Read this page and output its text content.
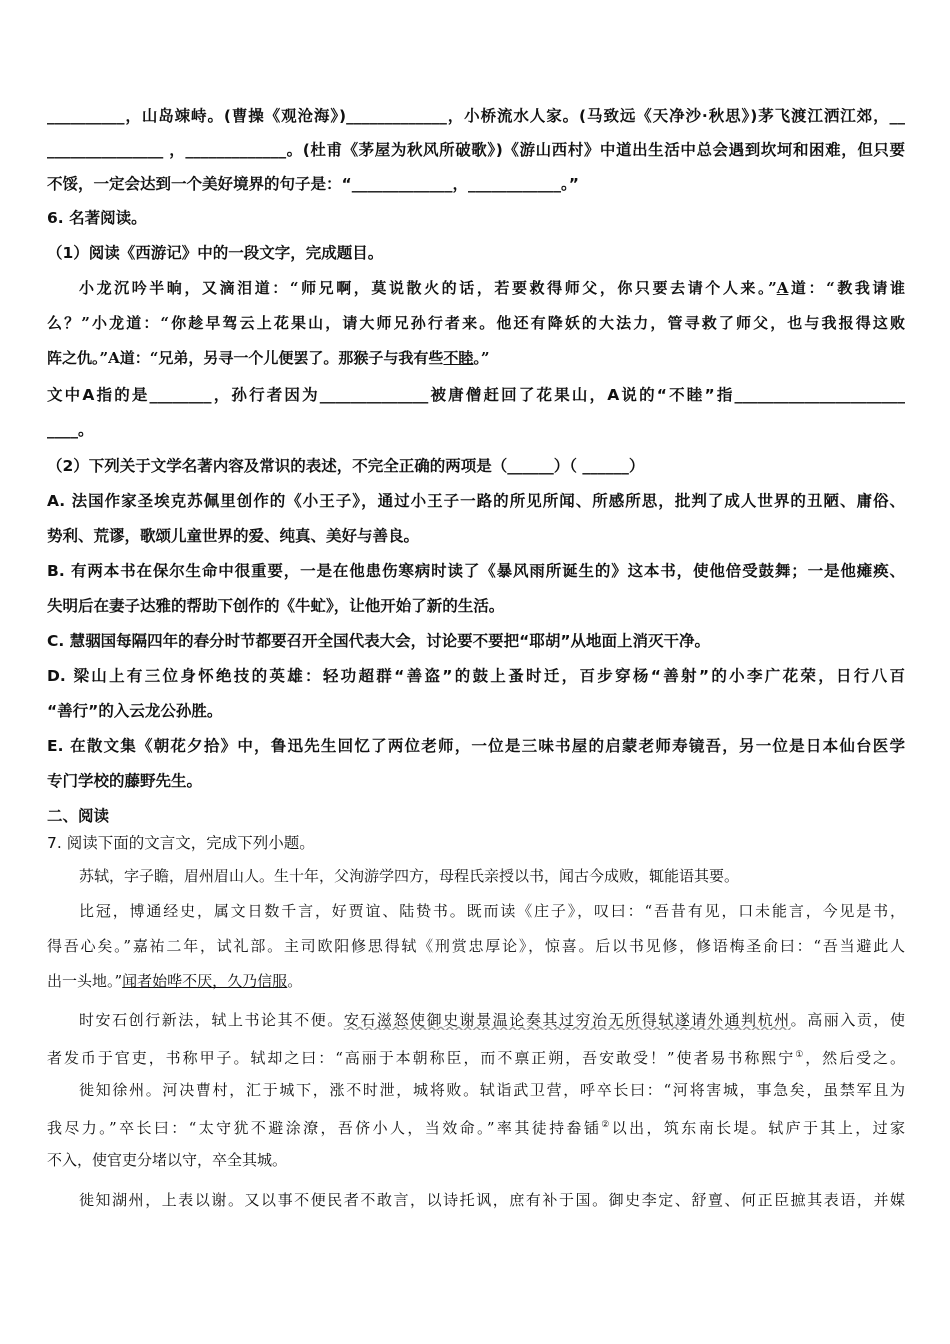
__________，山岛竦峙。(曹操《观沧海》)_____________，小桥流水人家。(马致远《天净沙·秋思》)茅飞渡江洒江郊，__
_______________ ，_____________。(杜甫《茅屋为秋风所破歌》)《游山西村》中道出生活中总会遇到坎坷和困难，但只要
不馁，一定会达到一个美好境界的句子是：“_____________，____________。”
6. 名著阅读。
（1）阅读《西游记》中的一段文字，完成题目。
小龙沉吟半晌，又滴泪道：“师兄啊，莫说散火的话，若要救得师父，你只要去请个人来。”A道：“教我请谁
么？”小龙道：“你趁早驾云上花果山，请大师兄孙行者来。他还有降妖的大法力，管寻救了师父，也与我报得这败
阵之仇。”A道：“兄弟，另寻一个儿便罢了。那猴子与我有些不睦。”
文中A指的是________，孙行者因为______________被唐僧赶回了花果山，A说的“不睦”指______________________
____。
（2）下列关于文学名著内容及常识的表述，不完全正确的两项是（______）（ ______）
A. 法国作家圣埃克苏佩里创作的《小王子》，通过小王子一路的所见所闻、所感所思，批判了成人世界的丑陋、庸俗、
势利、荒谬，歌颂儿童世界的爱、纯真、美好与善良。
B. 有两本书在保尔生命中很重要，一是在他患伤寒病时读了《暴风雨所诞生的》这本书，使他倍受鼓舞；一是他瘫痪、
失明后在妻子达雅的帮助下创作的《牛虻》，让他开始了新的生活。
C. 慧骃国每隔四年的春分时节都要召开全国代表大会，讨论要不要把“耶胡”从地面上消灭干净。
D. 梁山上有三位身怀绝技的英雄：轻功超群“善盗”的鼓上蚤时迁，百步穿杨“善射”的小李广花荣，日行八百
“善行”的入云龙公孙胜。
E. 在散文集《朝花夕拾》中，鲁迅先生回忆了两位老师，一位是三味书屋的启蒙老师寿镜吾，另一位是日本仙台医学
专门学校的藤野先生。
二、阅读
7. 阅读下面的文言文，完成下列小题。
苏轼，字子瞻，眉州眉山人。生十年，父洵游学四方，母程氏亲授以书，闻古今成败，辄能语其要。
比冠，博通经史，属文日数千言，好贾谊、陆贽书。既而读《庄子》，叹曰：“吾昔有见，口未能言，今见是书，
得吾心矣。”嘉祐二年，试礼部。主司欧阳修思得轼《刑赏忠厚论》，惊喜。后以书见修，修语梅圣俞曰：“吾当避此人
出一头地。”闻者始哗不厌，久乃信服。
时安石创行新法，轼上书论其不便。安石滋怒使御史谢景温论奏其过穷治无所得轼遂请外通判杭州。高丽入贡，使
者发币于官吏，书称甲子。轼却之曰：“高丽于本朝称臣，而不禀正朔，吾安敢受！”使者易书称熙宁①，然后受之。
徙知徐州。河决曹村，汇于城下，涨不时泄，城将败。轼诣武卫营，呼卒长曰：“河将害城，事急矣，虽禁军且为
我尽力。”卒长曰：“太守犹不避涂潦，吾侪小人，当效命。”率其徒持畚锸②以出，筑东南长堤。轼庐于其上，过家
不入，使官吏分堵以守，卒全其城。
徙知湖州，上表以谢。又以事不便民者不敢言，以诗托讽，庶有补于国。御史李定、舒亶、何正臣摭其表语，并媒
